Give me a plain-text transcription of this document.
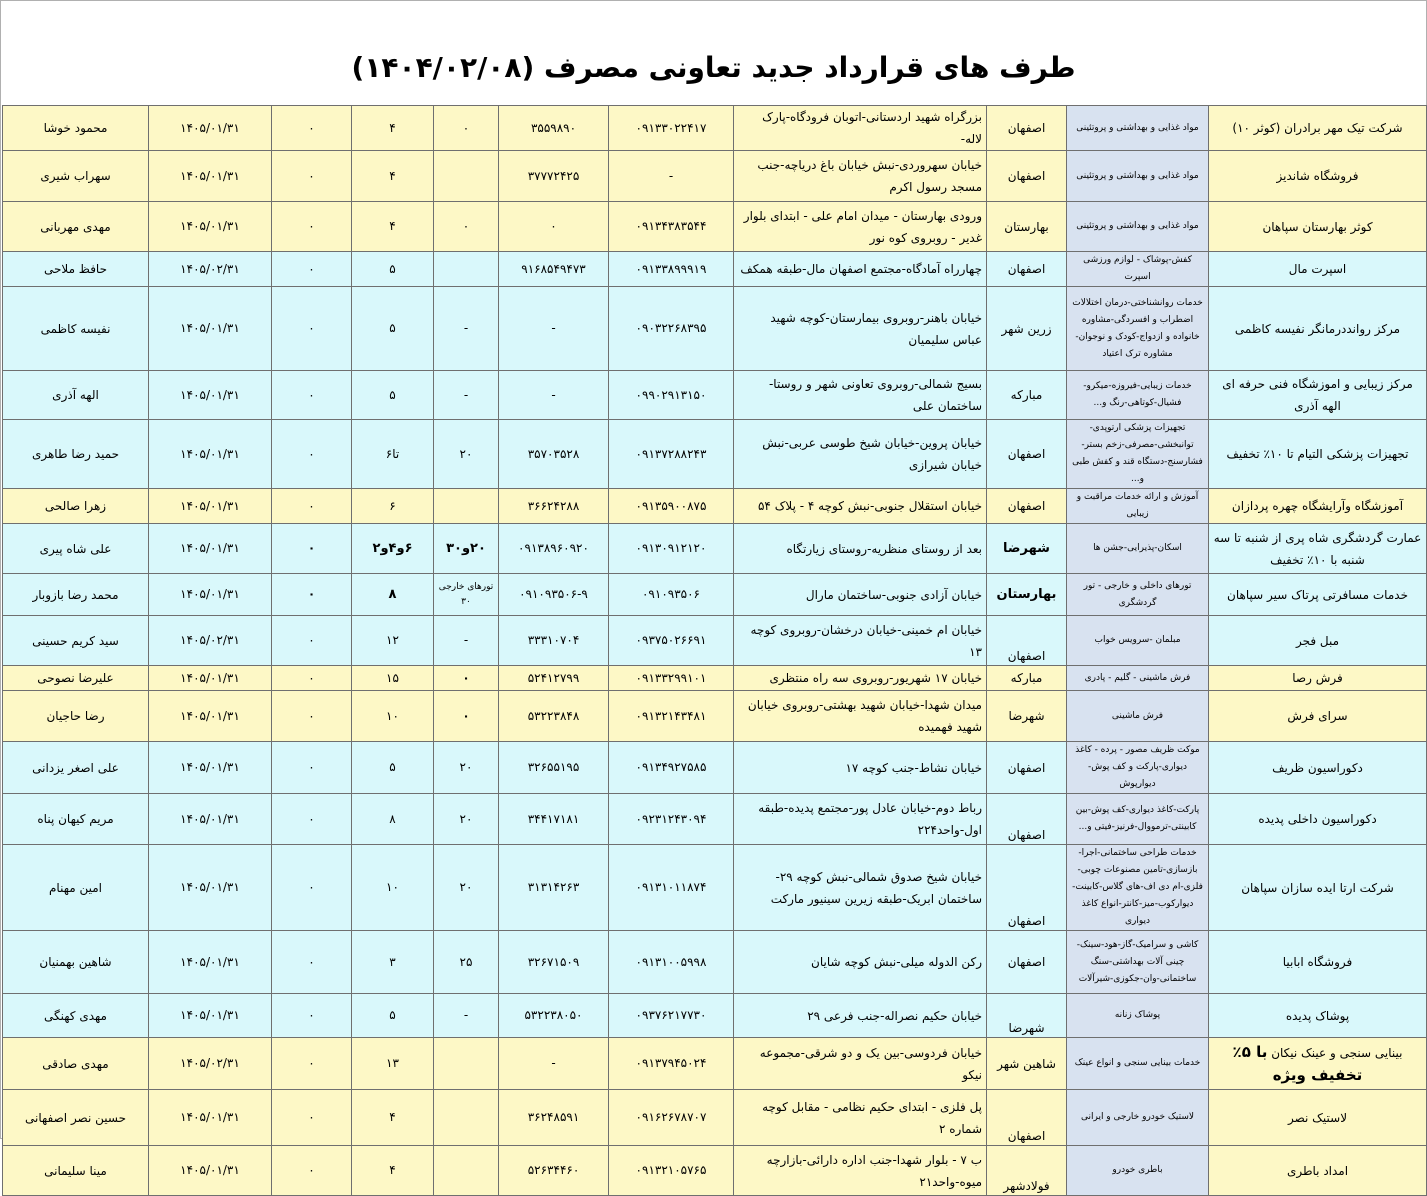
طرف های قرارداد جدید تعاونی مصرف (۱۴۰۴/۰۲/۰۸)
شرکت تیک مهر برادران (کوثر ۱۰)	مواد غذایی و بهداشتی و پروتئینی	اصفهان	بزرگراه شهید اردستانی-اتوبان فرودگاه-پارک لاله-	۰۹۱۳۳۰۲۲۴۱۷	۳۵۵۹۸۹۰	۰	۴	۰	۱۴۰۵/۰۱/۳۱	محمود خوشا
فروشگاه شاندیز	مواد غذایی و بهداشتی و پروتئینی	اصفهان	خیابان سهروردی-نبش خیابان باغ دریاچه-جنب مسجد رسول اکرم	-	۳۷۷۷۲۴۲۵		۴	۰	۱۴۰۵/۰۱/۳۱	سهراب شیری
کوثر بهارستان سپاهان	مواد غذایی و بهداشتی و پروتئینی	بهارستان	ورودی بهارستان - میدان امام علی - ابتدای بلوار غدیر - روبروی کوه نور	۰۹۱۳۴۳۸۳۵۴۴	۰	۰	۴	۰	۱۴۰۵/۰۱/۳۱	مهدی مهربانی
اسپرت مال	کفش-پوشاک - لوازم ورزشی اسپرت	اصفهان	چهارراه آمادگاه-مجتمع اصفهان مال-طبقه همکف	۰۹۱۳۳۸۹۹۹۱۹	۹۱۶۸۵۴۹۴۷۳		۵	۰	۱۴۰۵/۰۲/۳۱	حافظ ملاحی
مرکز روانددرمانگر نفیسه کاظمی	خدمات روانشناختی-درمان اختلالات اضطراب و افسردگی-مشاوره خانواده و ازدواج-کودک و نوجوان-مشاوره ترک اعتیاد	زرین شهر	خیابان باهنر-روبروی بیمارستان-کوچه شهید عباس سلیمیان	۰۹۰۳۲۲۶۸۳۹۵	-	-	۵	۰	۱۴۰۵/۰۱/۳۱	نفیسه کاظمی
مرکز زیبایی و اموزشگاه فنی حرفه ای الهه آذری	خدمات زیبایی-فیروزه-میکرو-فشیال-کوتاهی-رنگ و...	مبارکه	بسیج شمالی-روبروی تعاونی شهر و روستا-ساختمان علی	۰۹۹۰۲۹۱۳۱۵۰	-	-	۵	۰	۱۴۰۵/۰۱/۳۱	الهه آذری
تجهیزات پزشکی التیام تا ۱۰٪ تخفیف	تجهیزات پزشکی ارتوپدی-توانبخشی-مصرفی-زخم بستر-فشارسنج-دستگاه قند و کفش طبی و...	اصفهان	خیابان پروین-خیابان شیخ طوسی عربی-نبش خیابان شیرازی	۰۹۱۳۷۲۸۸۲۴۳	۳۵۷۰۳۵۲۸	۲۰	تا۶	۰	۱۴۰۵/۰۱/۳۱	حمید رضا طاهری
آموزشگاه وآرایشگاه چهره پردازان	آموزش و ارائه خدمات مراقبت و زیبایی	اصفهان	خیابان استقلال جنوبی-نبش کوچه ۴ - پلاک ۵۴	۰۹۱۳۵۹۰۰۸۷۵	۳۶۶۲۴۲۸۸		۶	۰	۱۴۰۵/۰۱/۳۱	زهرا صالحی
عمارت گردشگری شاه پری از شنبه تا سه شنبه با ۱۰٪ تخفیف	اسکان-پذیرایی-جشن ها	شهرضا	بعد از روستای منظریه-روستای زیارتگاه	۰۹۱۳۰۹۱۲۱۲۰	۰۹۱۳۸۹۶۰۹۲۰	۲۰و۳۰	۶و۴و۲	۰	۱۴۰۵/۰۱/۳۱	علی شاه پیری
خدمات مسافرتی پرتاک سیر سپاهان	تورهای داخلی و خارجی - تور گردشگری	بهارستان	خیابان آزادی جنوبی-ساختمان مارال	۰۹۱۰۹۳۵۰۶	۰۹۱۰۹۳۵۰۶-۹	تورهای خارجی ۳۰	۸	۰	۱۴۰۵/۰۱/۳۱	محمد رضا بازوبار
مبل فجر	مبلمان -سرویس خواب	اصفهان	خیابان ام خمینی-خیابان درخشان-روبروی کوچه ۱۳	۰۹۳۷۵۰۲۶۶۹۱	۳۳۳۱۰۷۰۴	-	۱۲	۰	۱۴۰۵/۰۲/۳۱	سید کریم حسینی
فرش رصا	فرش ماشینی - گلیم - پادری	مبارکه	خیابان ۱۷ شهریور-روبروی سه راه منتظری	۰۹۱۳۳۲۹۹۱۰۱	۵۲۴۱۲۷۹۹	۰	۱۵	۰	۱۴۰۵/۰۱/۳۱	علیرضا نصوحی
سرای فرش	فرش ماشینی	شهرضا	میدان شهدا-خیابان شهید بهشتی-روبروی خیابان شهید فهمیده	۰۹۱۳۲۱۴۳۴۸۱	۵۳۲۲۳۸۴۸	۰	۱۰	۰	۱۴۰۵/۰۱/۳۱	رضا حاجیان
دکوراسیون ظریف	موکت ظریف مصور - پرده - کاغذ دیواری-پارکت و کف پوش-دیوارپوش	اصفهان	خیابان نشاط-جنب کوچه ۱۷	۰۹۱۳۴۹۲۷۵۸۵	۳۲۶۵۵۱۹۵	۲۰	۵	۰	۱۴۰۵/۰۱/۳۱	علی اصغر یزدانی
دکوراسیون داخلی پدیده	پارکت-کاغذ دیواری-کف پوش-بین کابینتی-ترمووال-فرنیز-فیتی و...	اصفهان	رباط دوم-خیابان عادل پور-مجتمع پدیده-طبقه اول-واحد۲۲۴	۰۹۲۳۱۲۴۳۰۹۴	۳۴۴۱۷۱۸۱	۲۰	۸	۰	۱۴۰۵/۰۱/۳۱	مریم کیهان پناه
شرکت ارتا ایده سازان سپاهان	خدمات طراحی ساختمانی-اجرا-بازسازی-تامین مصنوعات چوبی-فلزی-ام دی اف-های گلاس-کابینت-دیوارکوب-میز-کانتر-انواع کاغذ دیواری	اصفهان	خیابان شیخ صدوق شمالی-نبش کوچه ۲۹-ساختمان ابریک-طبقه زیرین سینیور مارکت	۰۹۱۳۱۰۱۱۸۷۴	۳۱۳۱۴۲۶۳	۲۰	۱۰	۰	۱۴۰۵/۰۱/۳۱	امین مهنام
فروشگاه ابابیا	کاشی و سرامیک-گاز-هود-سینک-چینی آلات بهداشتی-سنگ ساختمانی-وان-جکوزی-شیرآلات	اصفهان	رکن الدوله میلی-نبش کوچه شایان	۰۹۱۳۱۰۰۵۹۹۸	۳۲۶۷۱۵۰۹	۲۵	۳	۰	۱۴۰۵/۰۱/۳۱	شاهین بهمنیان
پوشاک پدیده	پوشاک زنانه	شهرضا	خیابان حکیم نصراله-جنب فرعی ۲۹	۰۹۳۷۶۲۱۷۷۳۰	۵۳۲۲۳۸۰۵۰	-	۵	۰	۱۴۰۵/۰۱/۳۱	مهدی کهنگی
بینایی سنجی و عینک نیکان با ۵٪ تخفیف ویژه	خدمات بینایی سنجی و انواع عینک	شاهین شهر	خیابان فردوسی-بین یک و دو شرقی-مجموعه نیکو	۰۹۱۳۷۹۴۵۰۲۴	-		۱۳	۰	۱۴۰۵/۰۲/۳۱	مهدی صادقی
لاستیک نصر	لاستیک خودرو خارجی و ایرانی	اصفهان	پل فلزی - ابتدای حکیم نظامی - مقابل کوچه شماره ۲	۰۹۱۶۲۶۷۸۷۰۷	۳۶۲۴۸۵۹۱		۴	۰	۱۴۰۵/۰۱/۳۱	حسین نصر اصفهانی
امداد باطری	باطری خودرو	فولادشهر	ب ۷ - بلوار شهدا-جنب اداره دارائی-بازارچه میوه-واحد۲۱	۰۹۱۳۲۱۰۵۷۶۵	۵۲۶۳۴۴۶۰		۴	۰	۱۴۰۵/۰۱/۳۱	مینا سلیمانی
